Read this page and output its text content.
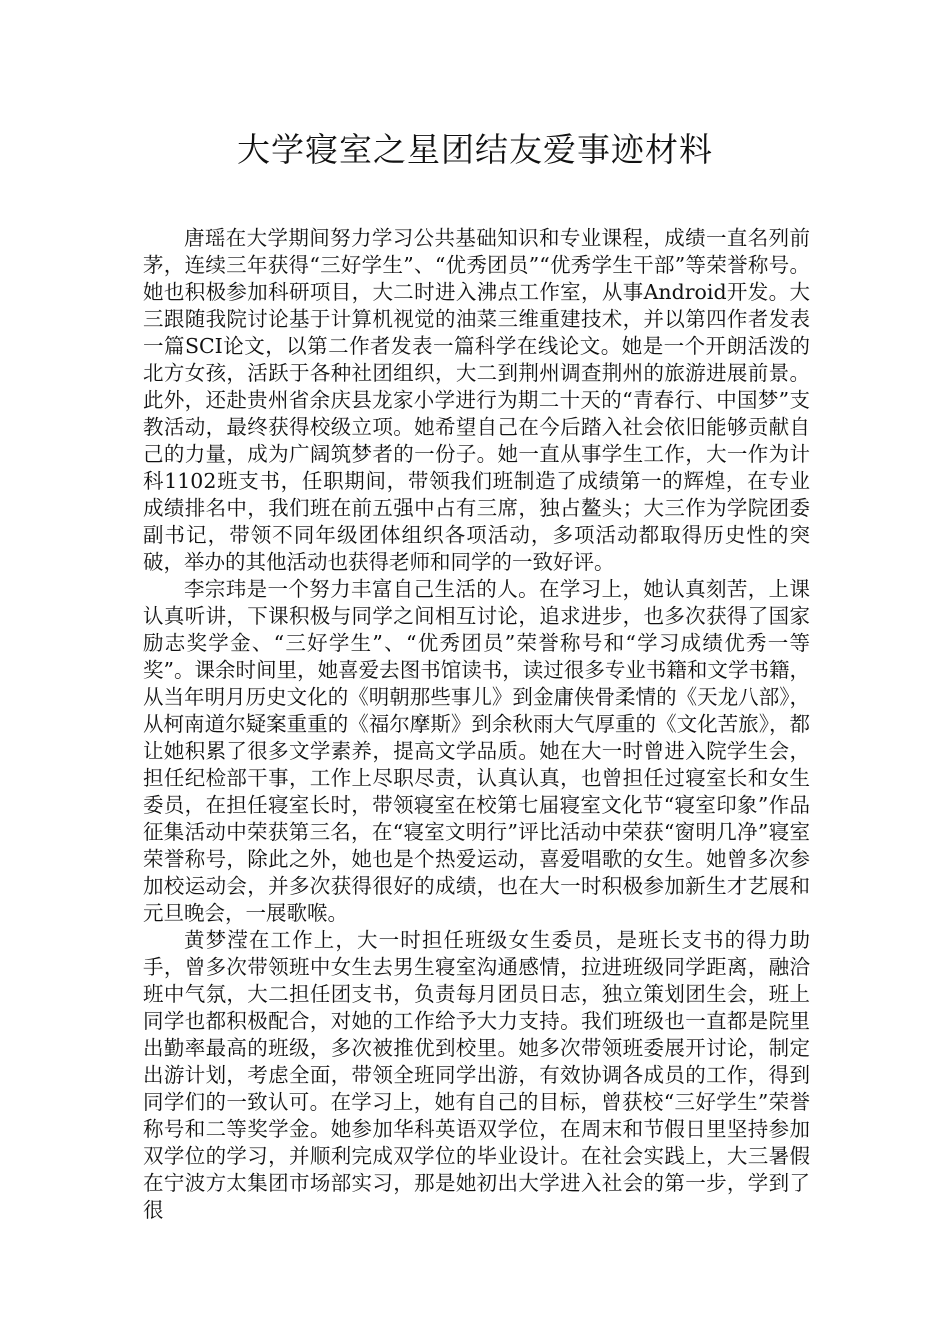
大学寝室之星团结友爱事迹材料

唐瑶在大学期间努力学习公共基础知识和专业课程，成绩一直名列前茅，连续三年获得“三好学生”、“优秀团员”“优秀学生干部”等荣誉称号。她也积极参加科研项目，大二时进入沸点工作室，从事Android开发。大三跟随我院讨论基于计算机视觉的油菜三维重建技术，并以第四作者发表一篇SCI论文，以第二作者发表一篇科学在线论文。她是一个开朗活泼的北方女孩，活跃于各种社团组织，大二到荆州调查荆州的旅游进展前景。此外，还赴贵州省余庆县龙家小学进行为期二十天的“青春行、中国梦”支教活动，最终获得校级立项。她希望自己在今后踏入社会依旧能够贡献自己的力量，成为广阔筑梦者的一份子。她一直从事学生工作，大一作为计科1102班支书，任职期间，带领我们班制造了成绩第一的辉煌，在专业成绩排名中，我们班在前五强中占有三席，独占鳌头；大三作为学院团委副书记，带领不同年级团体组织各项活动，多项活动都取得历史性的突破，举办的其他活动也获得老师和同学的一致好评。

李宗玮是一个努力丰富自己生活的人。在学习上，她认真刻苦，上课认真听讲，下课积极与同学之间相互讨论，追求进步，也多次获得了国家励志奖学金、“三好学生”、“优秀团员”荣誉称号和“学习成绩优秀一等奖”。课余时间里，她喜爱去图书馆读书，读过很多专业书籍和文学书籍，从当年明月历史文化的《明朝那些事儿》到金庸侠骨柔情的《天龙八部》，从柯南道尔疑案重重的《福尔摩斯》到余秋雨大气厚重的《文化苦旅》，都让她积累了很多文学素养，提高文学品质。她在大一时曾进入院学生会，担任纪检部干事，工作上尽职尽责，认真认真，也曾担任过寝室长和女生委员，在担任寝室长时，带领寝室在校第七届寝室文化节“寝室印象”作品征集活动中荣获第三名，在“寝室文明行”评比活动中荣获“窗明几净”寝室荣誉称号，除此之外，她也是个热爱运动，喜爱唱歌的女生。她曾多次参加校运动会，并多次获得很好的成绩，也在大一时积极参加新生才艺展和元旦晚会，一展歌喉。

黄梦滢在工作上，大一时担任班级女生委员，是班长支书的得力助手，曾多次带领班中女生去男生寝室沟通感情，拉进班级同学距离，融洽班中气氛，大二担任团支书，负责每月团员日志，独立策划团生会，班上同学也都积极配合，对她的工作给予大力支持。我们班级也一直都是院里出勤率最高的班级，多次被推优到校里。她多次带领班委展开讨论，制定出游计划，考虑全面，带领全班同学出游，有效协调各成员的工作，得到同学们的一致认可。在学习上，她有自己的目标，曾获校“三好学生”荣誉称号和二等奖学金。她参加华科英语双学位，在周末和节假日里坚持参加双学位的学习，并顺利完成双学位的毕业设计。在社会实践上，大三暑假在宁波方太集团市场部实习，那是她初出大学进入社会的第一步，学到了很
